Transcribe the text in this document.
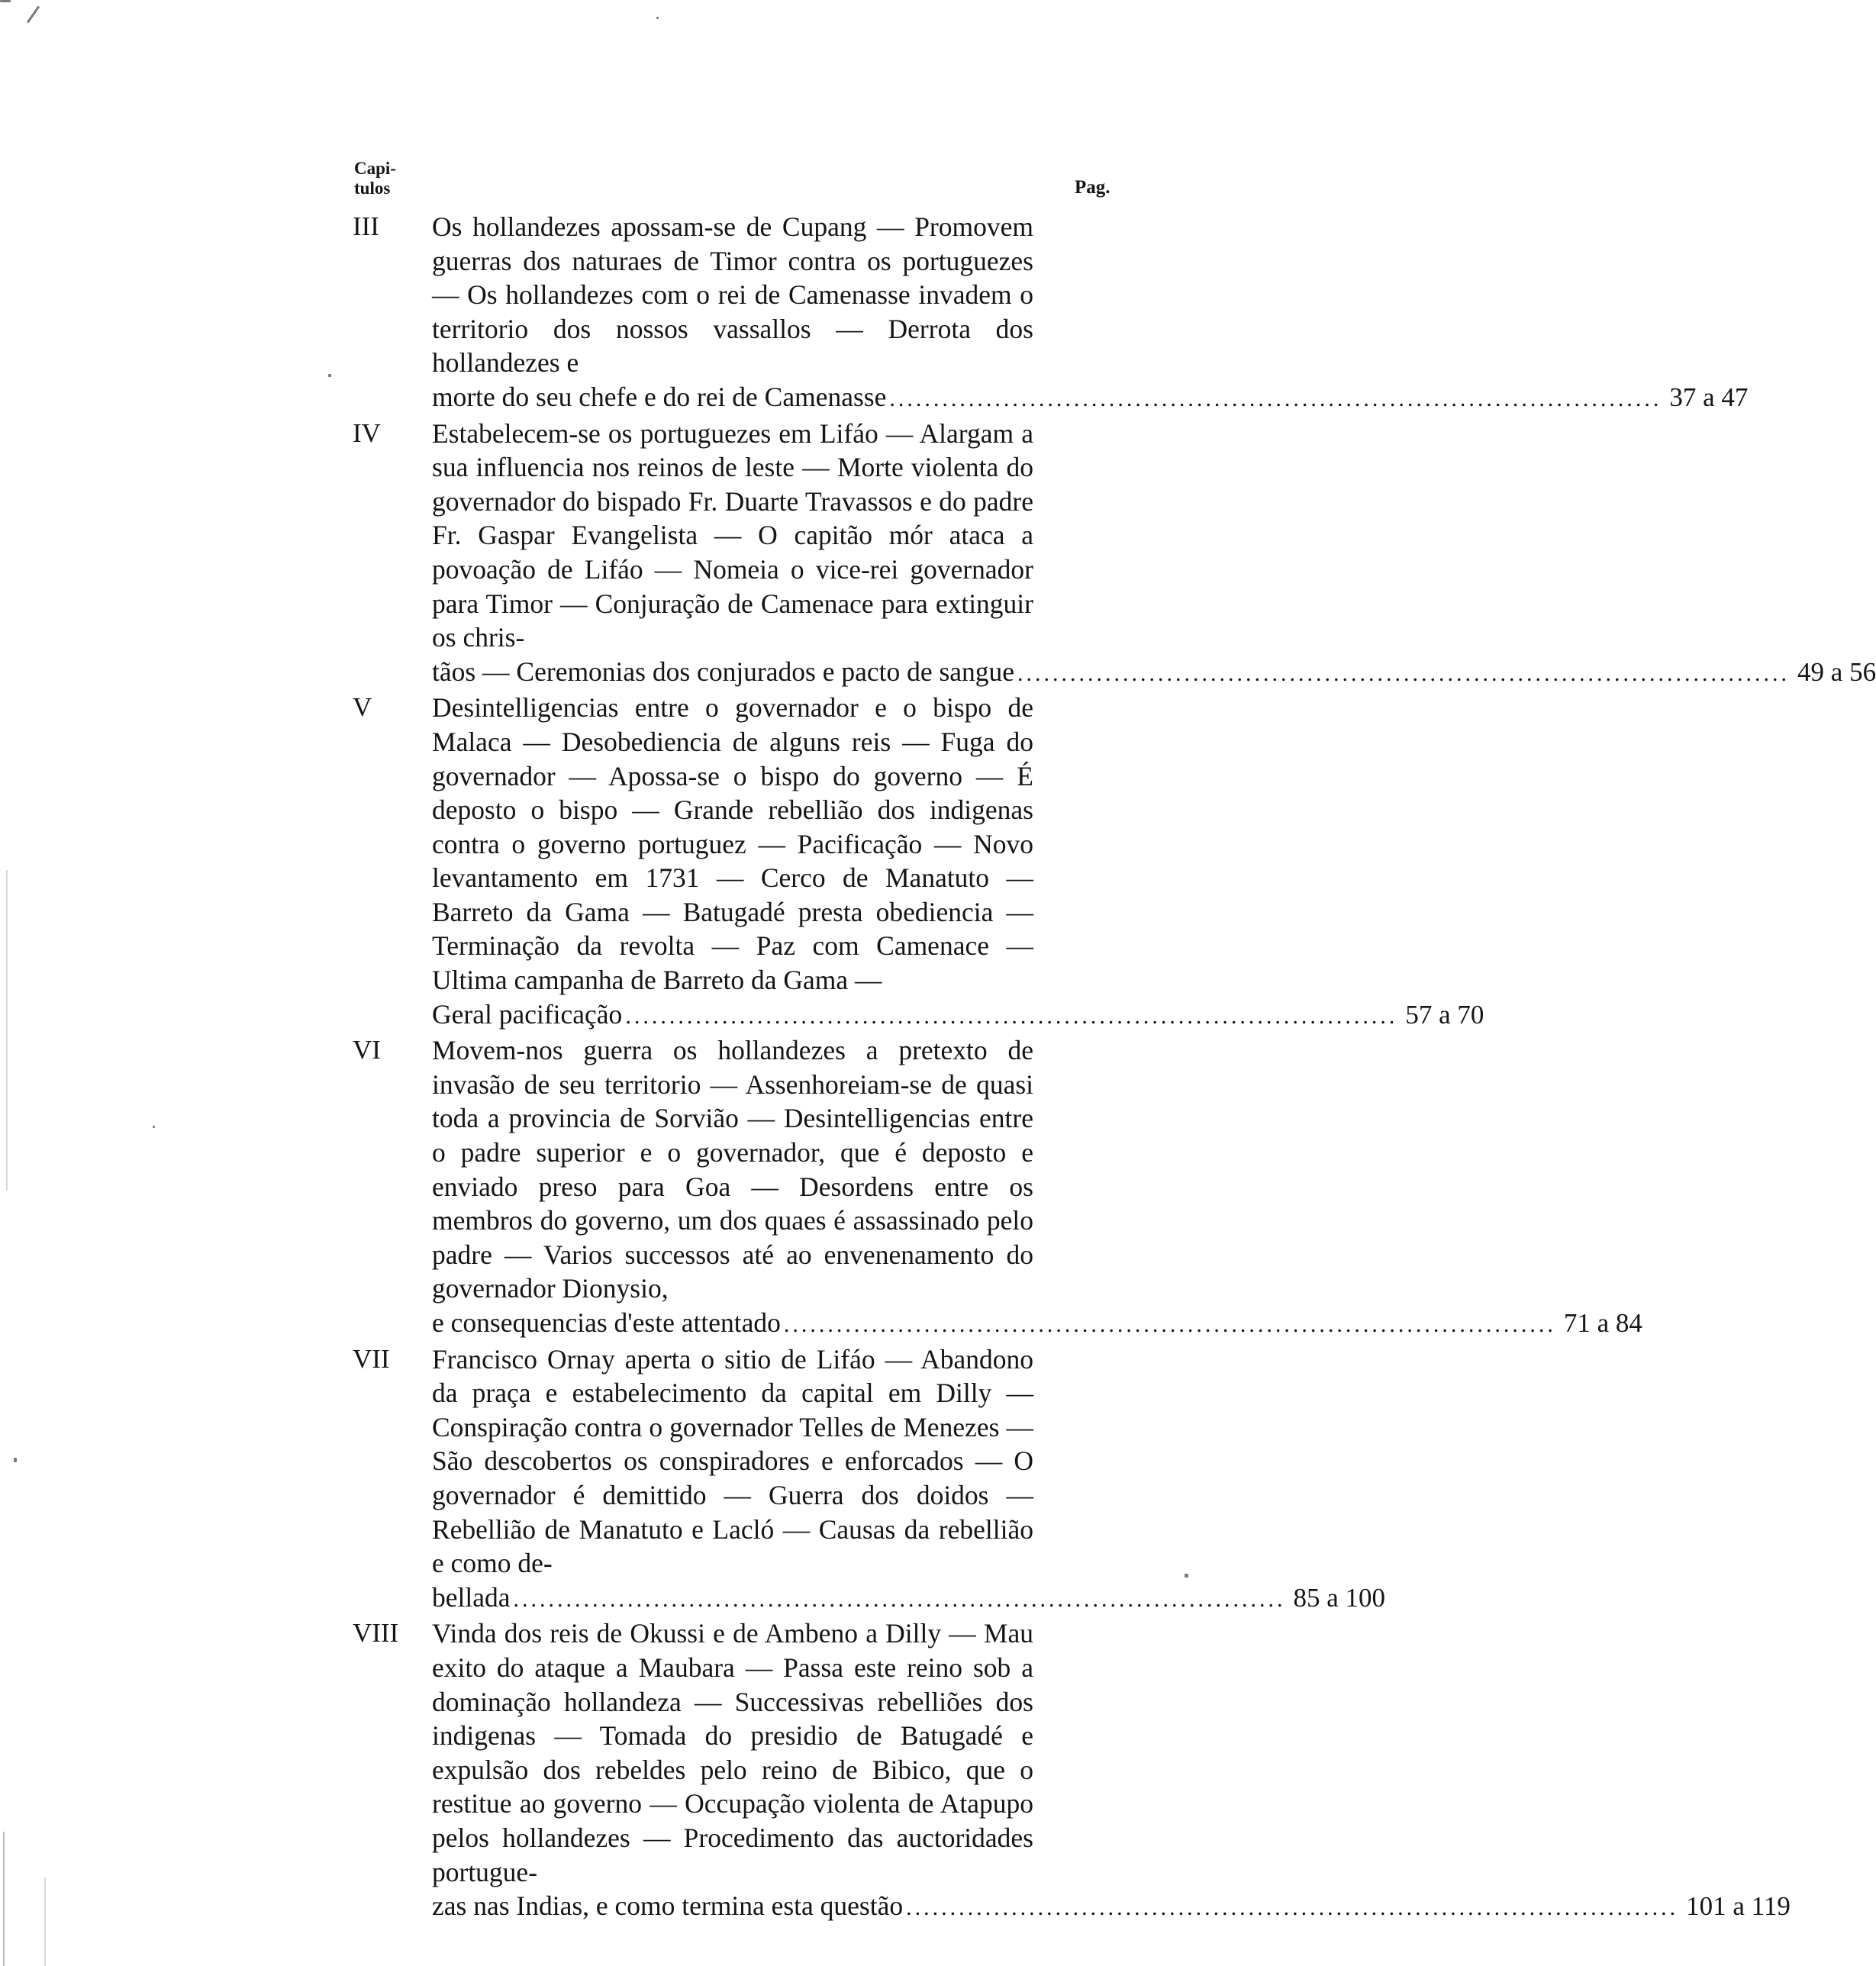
Capi-
tulos	Pag.
III Os hollandezes apossam-se de Cupang — Promovem guerras dos naturaes de Timor contra os portuguezes — Os hollandezes com o rei de Camenasse invadem o territorio dos nossos vassallos — Derrota dos hollandezes e

morte do seu chefe e do rei de Camenasse ........................................................................................ 37 a 47
IV Estabelecem-se os portuguezes em Lifáo — Alargam a sua influencia nos reinos de leste — Morte violenta do governador do bispado Fr. Duarte Travassos e do padre Fr. Gaspar Evangelista — O capitão mór ataca a povoação de Lifáo — Nomeia o vice-rei governador para Timor — Conjuração de Camenace para extinguir os chris-

tãos — Ceremonias dos conjurados e pacto de sangue ........................................................................................ 49 a 56
V Desintelligencias entre o governador e o bispo de Malaca — Desobediencia de alguns reis — Fuga do governador — Apossa-se o bispo do governo — É deposto o bispo — Grande rebellião dos indigenas contra o governo portuguez — Pacificação — Novo levantamento em 1731 — Cerco de Manatuto — Barreto da Gama — Batugadé presta obediencia — Terminação da revolta — Paz com Camenace — Ultima campanha de Barreto da Gama —

Geral pacificação ........................................................................................ 57 a 70
VI Movem-nos guerra os hollandezes a pretexto de invasão de seu territorio — Assenhoreiam-se de quasi toda a provincia de Sorvião — Desintelligencias entre o padre superior e o governador, que é deposto e enviado preso para Goa — Desordens entre os membros do governo, um dos quaes é assassinado pelo padre — Varios successos até ao envenenamento do governador Dionysio,

e consequencias d'este attentado ........................................................................................ 71 a 84
VII Francisco Ornay aperta o sitio de Lifáo — Abandono da praça e estabelecimento da capital em Dilly — Conspiração contra o governador Telles de Menezes — São descobertos os conspiradores e enforcados — O governador é demittido — Guerra dos doidos — Rebellião de Manatuto e Lacló — Causas da rebellião e como de-

bellada ........................................................................................ 85 a 100
VIII Vinda dos reis de Okussi e de Ambeno a Dilly — Mau exito do ataque a Maubara — Passa este reino sob a dominação hollandeza — Successivas rebelliões dos indigenas — Tomada do presidio de Batugadé e expulsão dos rebeldes pelo reino de Bibico, que o restitue ao governo — Occupação violenta de Atapupo pelos hollandezes — Procedimento das auctoridades portugue-

zas nas Indias, e como termina esta questão ........................................................................................ 101 a 119
